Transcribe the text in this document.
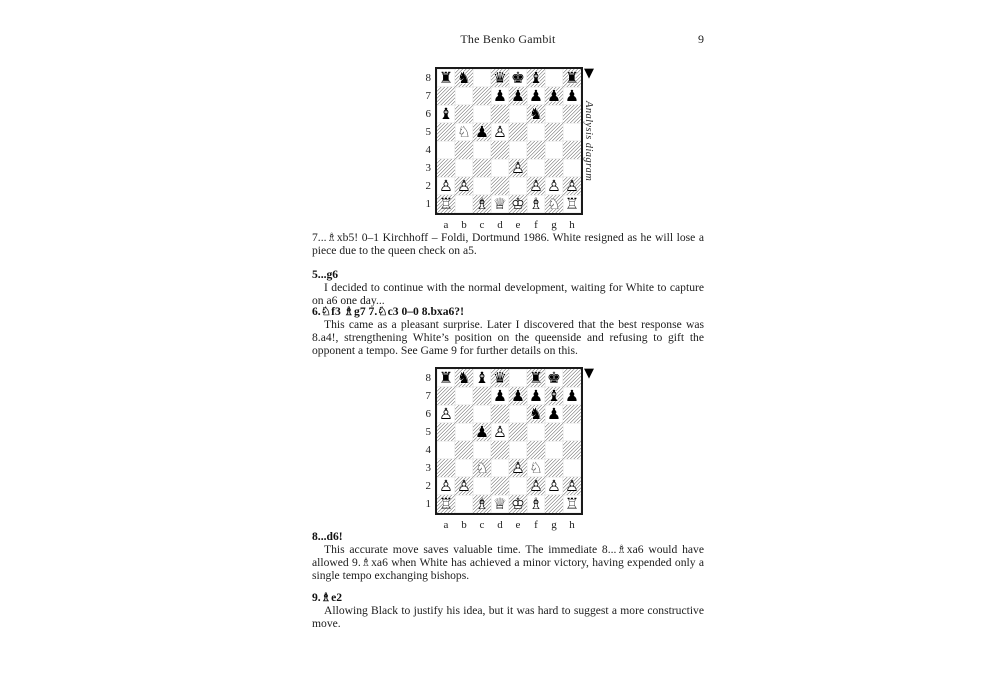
The Benko Gambit	9
8
7
6
5
4
3
2
1
♜ ♞ ♛ ♚ ♝ ♜
♟ ♟ ♟ ♟ ♟
♝	♞
♞ ♘ ♟ ♟ ♙
♟ ♙
♟ ♙ ♟ ♙	♟ ♙ ♟ ♙ ♟ ♙
♜ ♖ ♝ ♗ ♛ ♕ ♚ ♔ ♝ ♗ ♞ ♘ ♜ ♖
a	b	c	d	e	f	g	h
▼
Analysis diagram
7...♗xb5! 0–1 Kirchhoff – Foldi, Dortmund 1986. White resigned as he will lose a piece due to the queen check on a5.
5...g6
I decided to continue with the normal development, waiting for White to capture on a6 one day...
6.♘f3 ♗g7 7.♘c3 0–0 8.bxa6?!
This came as a pleasant surprise. Later I discovered that the best response was 8.a4!, strengthening White’s position on the queenside and refusing to gift the opponent a tempo. See Game 9 for further details on this.
8
7
6
5
4
3
2
1
♜ ♞ ♝ ♛ ♜ ♚
♟ ♟ ♟ ♝ ♟
♟ ♙	♞ ♟
♟ ♟ ♙
♞ ♘ ♟ ♙ ♞ ♘
♟ ♙ ♟ ♙	♟ ♙ ♟ ♙ ♟ ♙
♜ ♖ ♝ ♗ ♛ ♕ ♚ ♔ ♝ ♗ ♜ ♖
a	b	c	d	e	f	g	h
▼
8...d6!
This accurate move saves valuable time. The immediate 8...♗xa6 would have allowed 9.♗xa6 when White has achieved a minor victory, having expended only a single tempo exchanging bishops.
9.♗e2
Allowing Black to justify his idea, but it was hard to suggest a more constructive move.
